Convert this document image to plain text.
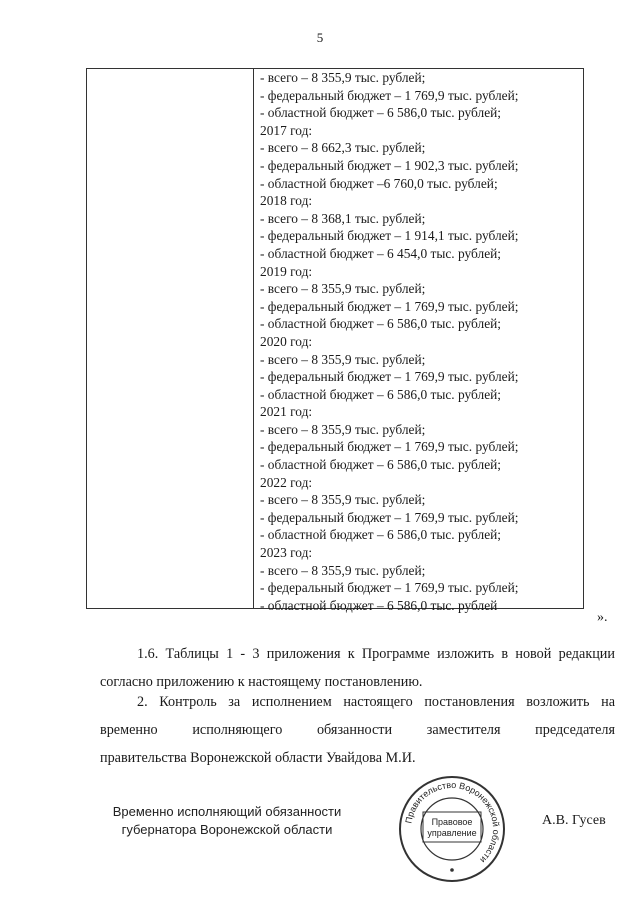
5
- всего – 8 355,9 тыс. рублей;
- федеральный бюджет – 1 769,9 тыс. рублей;
- областной бюджет – 6 586,0 тыс. рублей;
2017 год:
- всего – 8 662,3 тыс. рублей;
- федеральный бюджет – 1 902,3 тыс. рублей;
- областной бюджет –6 760,0 тыс. рублей;
2018 год:
- всего – 8 368,1 тыс. рублей;
- федеральный бюджет – 1 914,1 тыс. рублей;
- областной бюджет – 6 454,0 тыс. рублей;
2019 год:
- всего – 8 355,9 тыс. рублей;
- федеральный бюджет – 1 769,9 тыс. рублей;
- областной бюджет – 6 586,0 тыс. рублей;
2020 год:
- всего – 8 355,9 тыс. рублей;
- федеральный бюджет – 1 769,9 тыс. рублей;
- областной бюджет – 6 586,0 тыс. рублей;
2021 год:
- всего – 8 355,9 тыс. рублей;
- федеральный бюджет – 1 769,9 тыс. рублей;
- областной бюджет – 6 586,0 тыс. рублей;
2022 год:
- всего – 8 355,9 тыс. рублей;
- федеральный бюджет – 1 769,9 тыс. рублей;
- областной бюджет – 6 586,0 тыс. рублей;
2023 год:
- всего – 8 355,9 тыс. рублей;
- федеральный бюджет – 1 769,9 тыс. рублей;
- областной бюджет – 6 586,0 тыс. рублей
».
1.6. Таблицы 1 - 3 приложения к Программе изложить в новой редакции согласно приложению к настоящему постановлению.
2. Контроль за исполнением настоящего постановления возложить на временно исполняющего обязанности заместителя председателя
правительства Воронежской области Увайдова М.И.
Временно исполняющий обязанности
губернатора Воронежской области
Правительство Воронежской области
Правовое
управление
А.В. Гусев
